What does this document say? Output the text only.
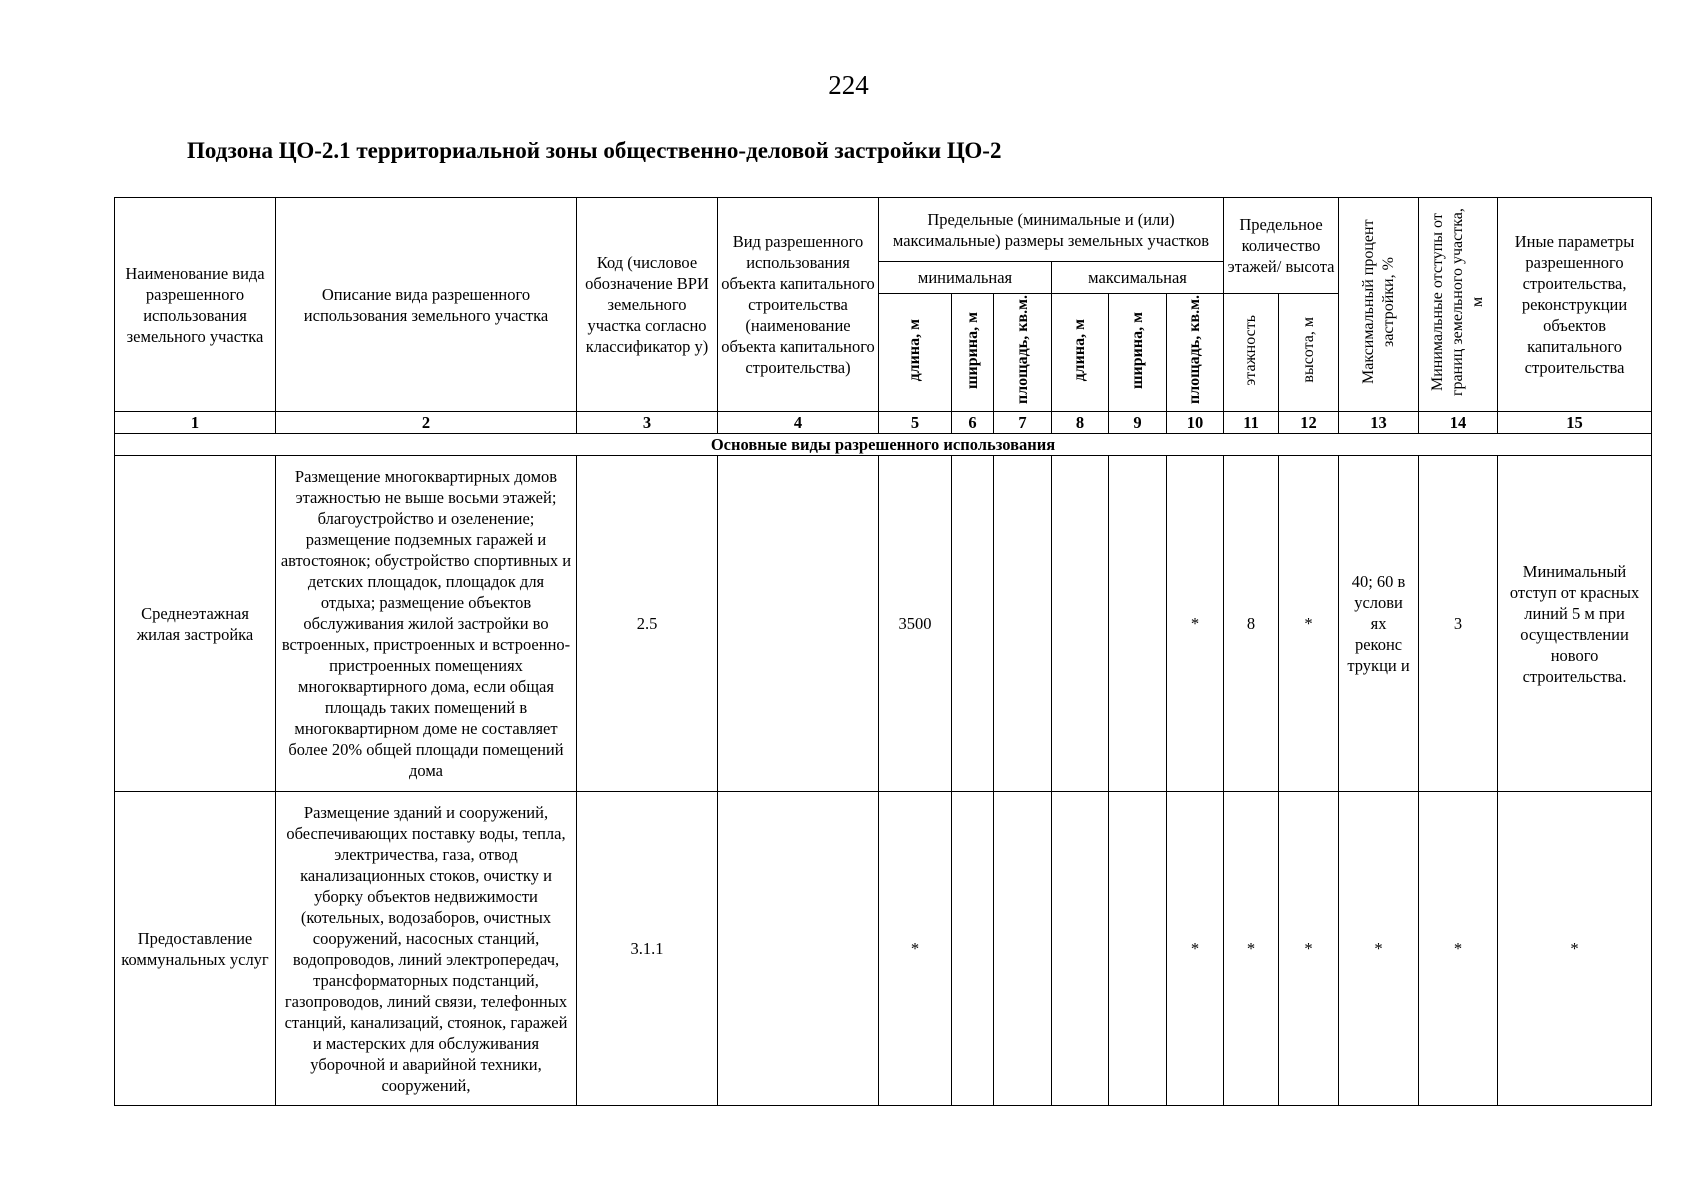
224
Подзона ЦО-2.1 территориальной зоны общественно-деловой застройки ЦО-2
Наименование вида разрешенного использования земельного участка	Описание вида разрешенного использования земельного участка	Код (числовое обозначение ВРИ земельного участка согласно классификатор у)	Вид разрешенного использования объекта капитального строительства (наименование объекта капитального строительства)	Предельные (минимальные и (или) максимальные) размеры земельных участков						Предельное количество этажей/ высота		Максимальный процент застройки, %	Минимальные отступы от границ земельного участка, м	Иные параметры разрешенного строительства, реконструкции объектов капитального строительства
				минимальная			максимальная							
				длина, м	ширина, м	площадь, кв.м.	длина, м	ширина, м	площадь, кв.м.	этажность	высота, м			
1	2	3	4	5	6	7	8	9	10	11	12	13	14	15
Основные виды разрешенного использования														
Среднеэтажная жилая застройка	Размещение многоквартирных домов этажностью не выше восьми этажей; благоустройство и озеленение; размещение подземных гаражей и автостоянок; обустройство спортивных и детских площадок, площадок для отдыха; размещение объектов обслуживания жилой застройки во встроенных, пристроенных и встроенно-пристроенных помещениях многоквартирного дома, если общая площадь таких помещений в многоквартирном доме не составляет более 20% общей площади помещений дома	2.5		3500					*	8	*	40; 60 в услови ях реконс трукци и	3	Минимальный отступ от красных линий 5 м при осуществлении нового строительства.
Предоставление коммунальных услуг	Размещение зданий и сооружений, обеспечивающих поставку воды, тепла, электричества, газа, отвод канализационных стоков, очистку и уборку объектов недвижимости (котельных, водозаборов, очистных сооружений, насосных станций, водопроводов, линий электропередач, трансформаторных подстанций, газопроводов, линий связи, телефонных станций, канализаций, стоянок, гаражей и мастерских для обслуживания уборочной и аварийной техники, сооружений,	3.1.1		*					*	*	*	*	*	*
